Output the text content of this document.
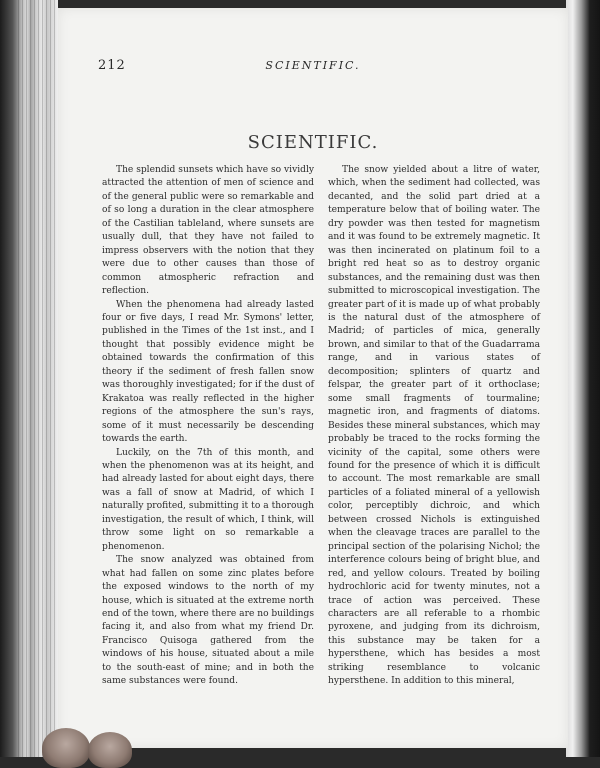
212	SCIENTIFIC.
SCIENTIFIC.

The splendid sunsets which have so vividly attracted the attention of men of science and of the general public were so remarkable and of so long a duration in the clear atmosphere of the Castilian tableland, where sunsets are usually dull, that they have not failed to impress observers with the notion that they were due to other causes than those of common atmospheric refraction and reflection.

When the phenomena had already lasted four or five days, I read Mr. Symons' letter, published in the Times of the 1st inst., and I thought that possibly evidence might be obtained towards the confirmation of this theory if the sediment of fresh fallen snow was thoroughly investigated; for if the dust of Krakatoa was really reflected in the higher regions of the atmosphere the sun's rays, some of it must necessarily be descending towards the earth.

Luckily, on the 7th of this month, and when the phenomenon was at its height, and had already lasted for about eight days, there was a fall of snow at Madrid, of which I naturally profited, submitting it to a thorough investigation, the result of which, I think, will throw some light on so remarkable a phenomenon.

The snow analyzed was obtained from what had fallen on some zinc plates before the exposed windows to the north of my house, which is situated at the extreme north end of the town, where there are no buildings facing it, and also from what my friend Dr. Francisco Quisoga gathered from the windows of his house, situated about a mile to the south-east of mine; and in both the same substances were found.

The snow yielded about a litre of water, which, when the sediment had collected, was decanted, and the solid part dried at a temperature below that of boiling water. The dry powder was then tested for magnetism and it was found to be extremely magnetic. It was then incinerated on platinum foil to a bright red heat so as to destroy organic substances, and the remaining dust was then submitted to microscopical investigation. The greater part of it is made up of what probably is the natural dust of the atmosphere of Madrid; of particles of mica, generally brown, and similar to that of the Guadarrama range, and in various states of decomposition; splinters of quartz and felspar, the greater part of it orthoclase; some small fragments of tourmaline; magnetic iron, and fragments of diatoms. Besides these mineral substances, which may probably be traced to the rocks forming the vicinity of the capital, some others were found for the presence of which it is difficult to account. The most remarkable are small particles of a foliated mineral of a yellowish color, perceptibly dichroic, and which between crossed Nichols is extinguished when the cleavage traces are parallel to the principal section of the polarising Nichol; the interference colours being of bright blue, and red, and yellow colours. Treated by boiling hydrochloric acid for twenty minutes, not a trace of action was perceived. These characters are all referable to a rhombic pyroxene, and judging from its dichroism, this substance may be taken for a hypersthene, which has besides a most striking resemblance to volcanic hypersthene. In addition to this mineral,
